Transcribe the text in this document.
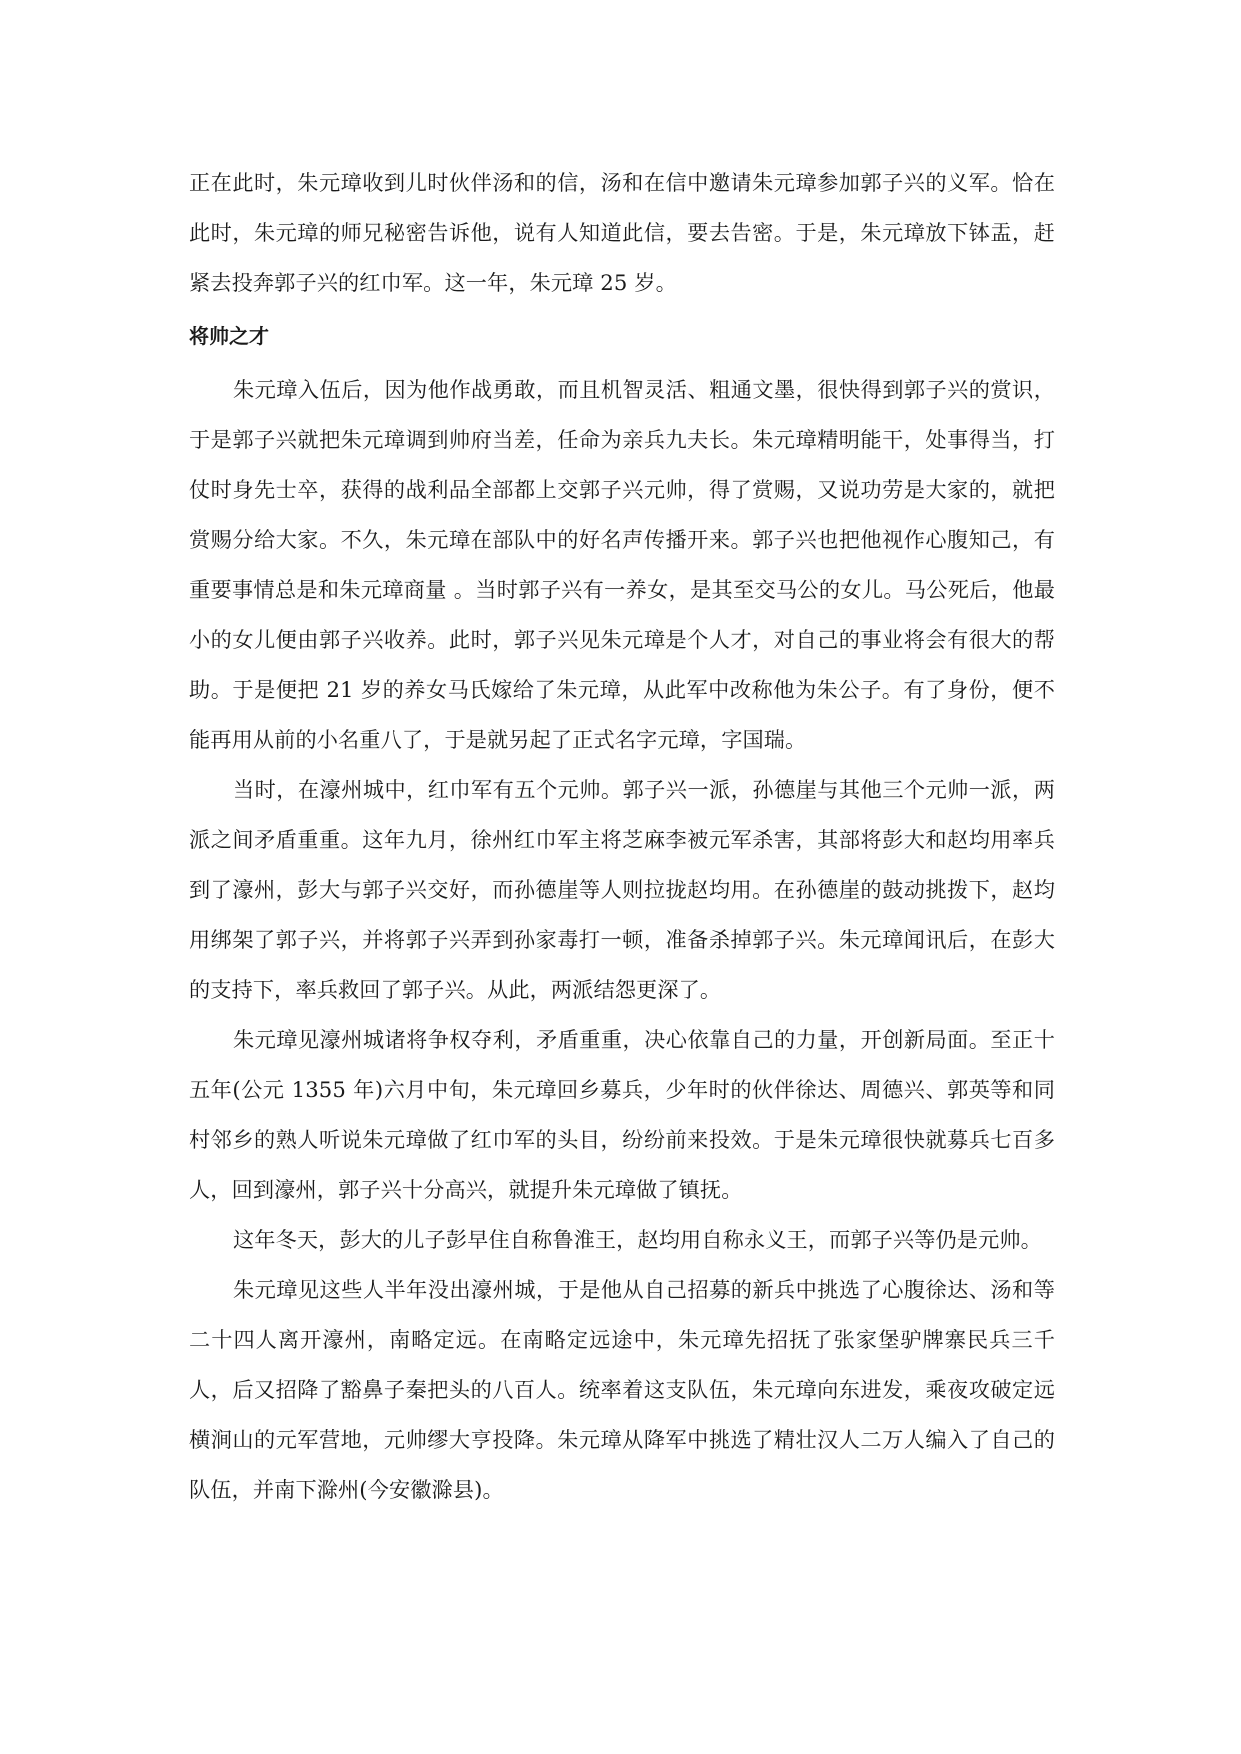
正在此时，朱元璋收到儿时伙伴汤和的信，汤和在信中邀请朱元璋参加郭子兴的义军。恰在此时，朱元璋的师兄秘密告诉他，说有人知道此信，要去告密。于是，朱元璋放下钵盂，赶紧去投奔郭子兴的红巾军。这一年，朱元璋 25 岁。

将帅之才

朱元璋入伍后，因为他作战勇敢，而且机智灵活、粗通文墨，很快得到郭子兴的赏识，于是郭子兴就把朱元璋调到帅府当差，任命为亲兵九夫长。朱元璋精明能干，处事得当，打仗时身先士卒，获得的战利品全部都上交郭子兴元帅，得了赏赐，又说功劳是大家的，就把赏赐分给大家。不久，朱元璋在部队中的好名声传播开来。郭子兴也把他视作心腹知己，有重要事情总是和朱元璋商量 。当时郭子兴有一养女，是其至交马公的女儿。马公死后，他最小的女儿便由郭子兴收养。此时，郭子兴见朱元璋是个人才，对自己的事业将会有很大的帮助。于是便把 21 岁的养女马氏嫁给了朱元璋，从此军中改称他为朱公子。有了身份，便不能再用从前的小名重八了，于是就另起了正式名字元璋，字国瑞。

当时，在濠州城中，红巾军有五个元帅。郭子兴一派，孙德崖与其他三个元帅一派，两派之间矛盾重重。这年九月，徐州红巾军主将芝麻李被元军杀害，其部将彭大和赵均用率兵到了濠州，彭大与郭子兴交好，而孙德崖等人则拉拢赵均用。在孙德崖的鼓动挑拨下，赵均用绑架了郭子兴，并将郭子兴弄到孙家毒打一顿，准备杀掉郭子兴。朱元璋闻讯后，在彭大的支持下，率兵救回了郭子兴。从此，两派结怨更深了。

朱元璋见濠州城诸将争权夺利，矛盾重重，决心依靠自己的力量，开创新局面。至正十五年(公元 1355 年)六月中旬，朱元璋回乡募兵，少年时的伙伴徐达、周德兴、郭英等和同村邻乡的熟人听说朱元璋做了红巾军的头目，纷纷前来投效。于是朱元璋很快就募兵七百多人，回到濠州，郭子兴十分高兴，就提升朱元璋做了镇抚。

这年冬天，彭大的儿子彭早住自称鲁淮王，赵均用自称永义王，而郭子兴等仍是元帅。

朱元璋见这些人半年没出濠州城，于是他从自己招募的新兵中挑选了心腹徐达、汤和等二十四人离开濠州，南略定远。在南略定远途中，朱元璋先招抚了张家堡驴牌寨民兵三千人，后又招降了豁鼻子秦把头的八百人。统率着这支队伍，朱元璋向东进发，乘夜攻破定远横涧山的元军营地，元帅缪大亨投降。朱元璋从降军中挑选了精壮汉人二万人编入了自己的队伍，并南下滁州(今安徽滁县)。
